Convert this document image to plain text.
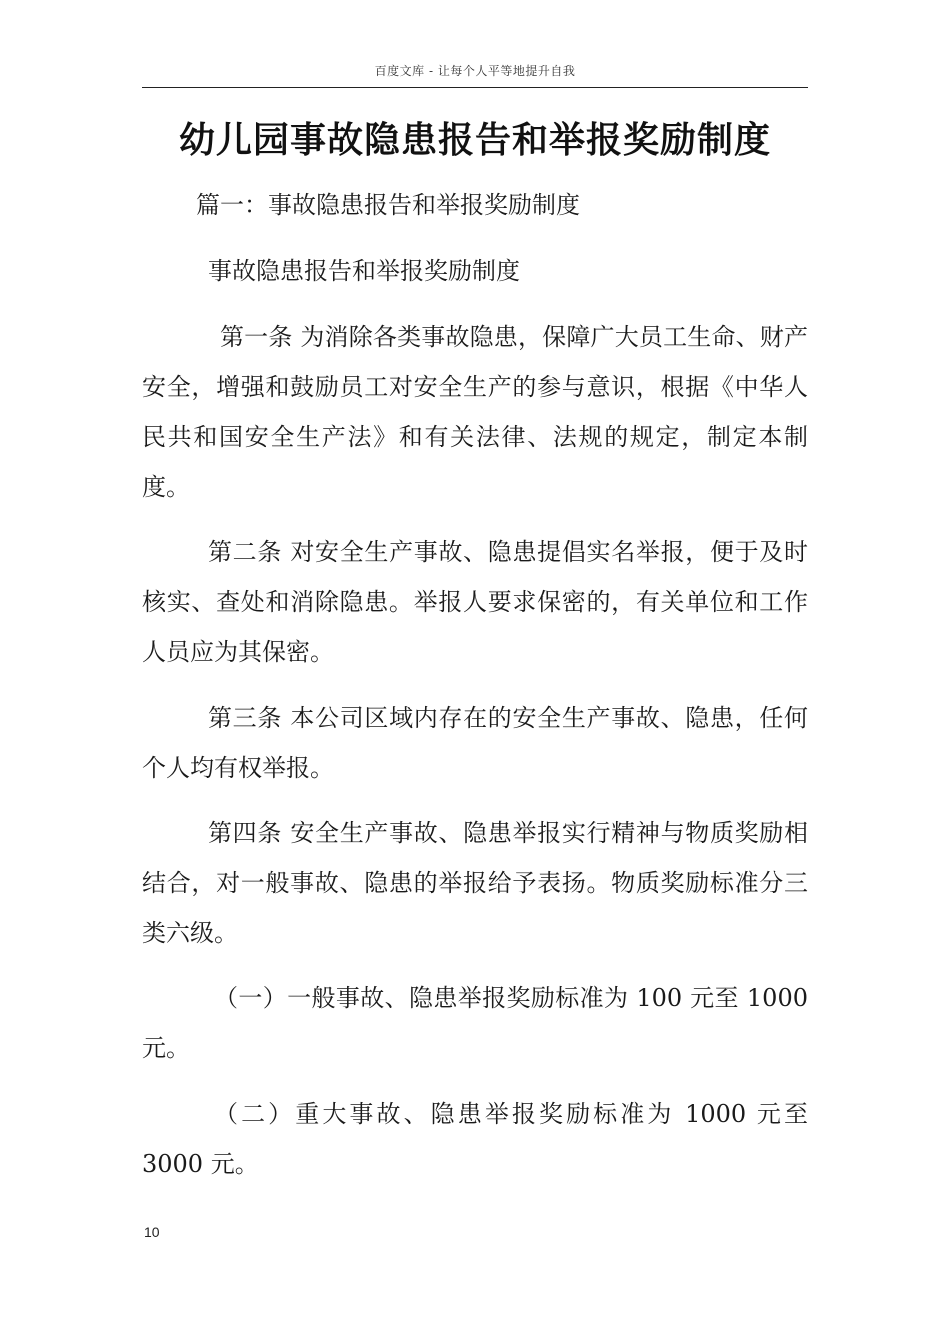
百度文库 - 让每个人平等地提升自我
幼儿园事故隐患报告和举报奖励制度
篇一：事故隐患报告和举报奖励制度
事故隐患报告和举报奖励制度
第一条 为消除各类事故隐患，保障广大员工生命、财产安全，增强和鼓励员工对安全生产的参与意识，根据《中华人民共和国安全生产法》和有关法律、法规的规定，制定本制度。
第二条 对安全生产事故、隐患提倡实名举报，便于及时核实、查处和消除隐患。举报人要求保密的，有关单位和工作人员应为其保密。
第三条 本公司区域内存在的安全生产事故、隐患，任何个人均有权举报。
第四条 安全生产事故、隐患举报实行精神与物质奖励相结合，对一般事故、隐患的举报给予表扬。物质奖励标准分三类六级。
（一）一般事故、隐患举报奖励标准为 100 元至 1000 元。
（二）重大事故、隐患举报奖励标准为 1000 元至 3000 元。
10
